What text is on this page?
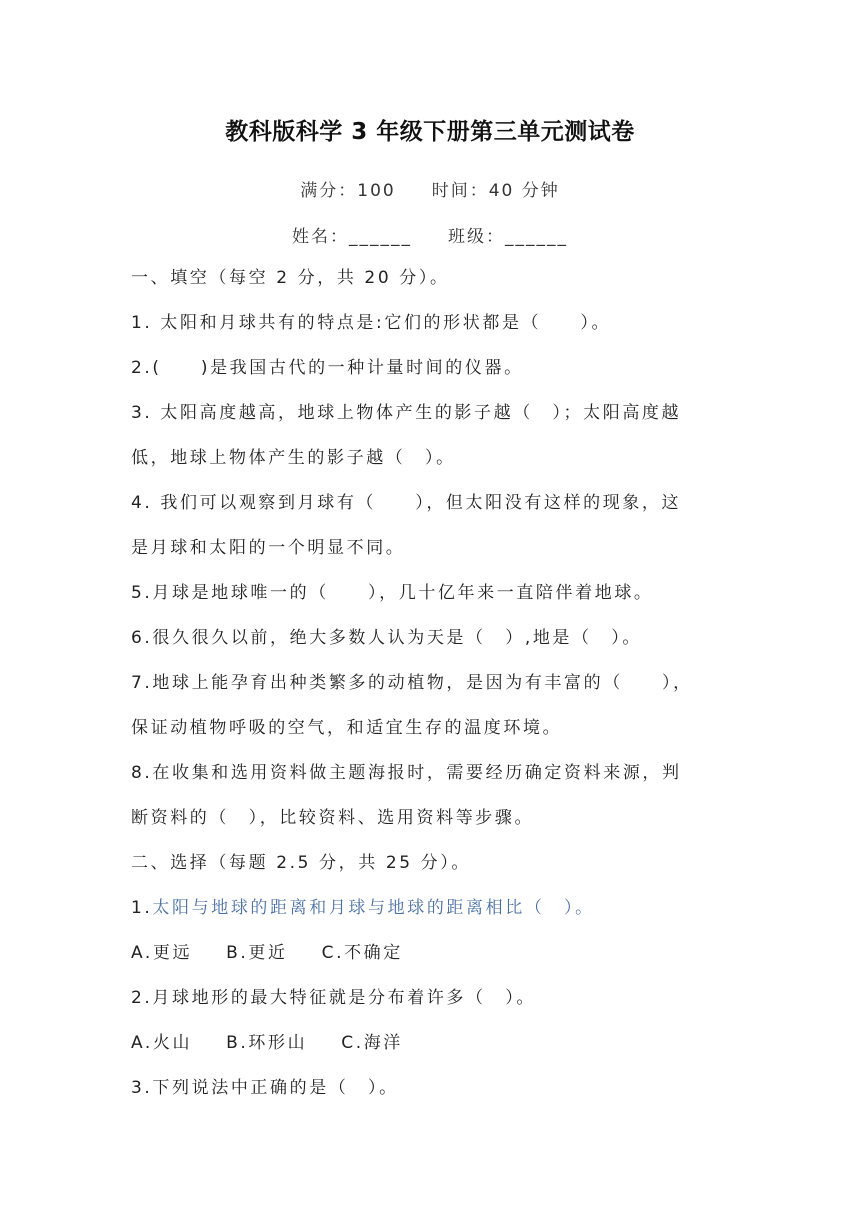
教科版科学 3 年级下册第三单元测试卷
满分：100 时间：40 分钟
姓名：______ 班级：______
一、填空（每空 2 分，共 20 分）。
1. 太阳和月球共有的特点是:它们的形状都是（　　）。
2.(　　)是我国古代的一种计量时间的仪器。
3. 太阳高度越高，地球上物体产生的影子越（　）；太阳高度越
低，地球上物体产生的影子越（　）。
4. 我们可以观察到月球有（　　），但太阳没有这样的现象，这
是月球和太阳的一个明显不同。
5.月球是地球唯一的（　　），几十亿年来一直陪伴着地球。
6.很久很久以前，绝大多数人认为天是（　）,地是（　）。
7.地球上能孕育出种类繁多的动植物，是因为有丰富的（　　），
保证动植物呼吸的空气，和适宜生存的温度环境。
8.在收集和选用资料做主题海报时，需要经历确定资料来源，判
断资料的（　），比较资料、选用资料等步骤。
二、选择（每题 2.5 分，共 25 分）。
1.太阳与地球的距离和月球与地球的距离相比（　）。
A.更远 B.更近 C.不确定
2.月球地形的最大特征就是分布着许多（　）。
A.火山 B.环形山 C.海洋
3.下列说法中正确的是（　）。
